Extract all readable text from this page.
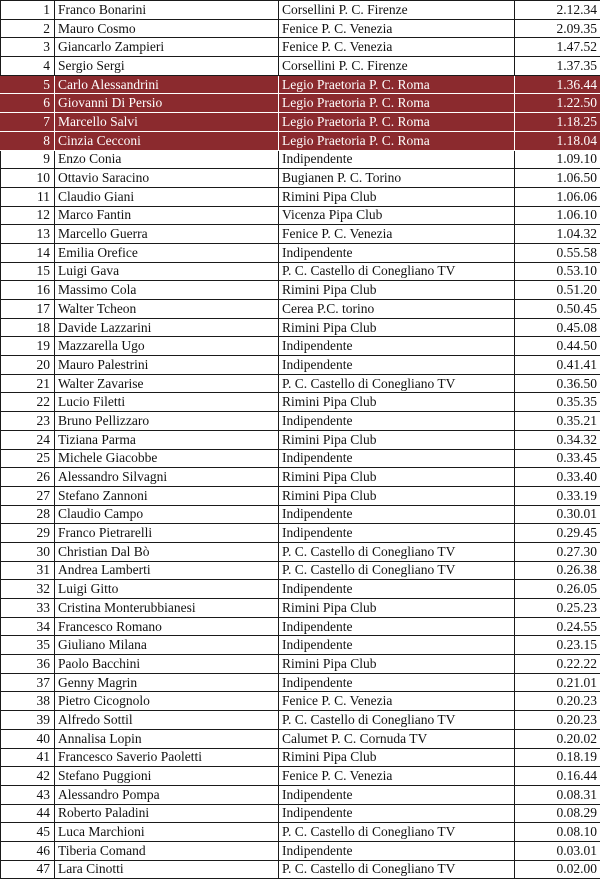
1	Franco Bonarini	Corsellini P. C. Firenze	2.12.34
2	Mauro Cosmo	Fenice P. C. Venezia	2.09.35
3	Giancarlo Zampieri	Fenice P. C. Venezia	1.47.52
4	Sergio Sergi	Corsellini P. C. Firenze	1.37.35
5	Carlo Alessandrini	Legio Praetoria P. C. Roma	1.36.44
6	Giovanni Di Persio	Legio Praetoria P. C. Roma	1.22.50
7	Marcello Salvi	Legio Praetoria P. C. Roma	1.18.25
8	Cinzia Cecconi	Legio Praetoria P. C. Roma	1.18.04
9	Enzo Conia	Indipendente	1.09.10
10	Ottavio Saracino	Bugianen P. C. Torino	1.06.50
11	Claudio Giani	Rimini Pipa Club	1.06.06
12	Marco Fantin	Vicenza Pipa Club	1.06.10
13	Marcello Guerra	Fenice P. C. Venezia	1.04.32
14	Emilia Orefice	Indipendente	0.55.58
15	Luigi Gava	P. C. Castello di Conegliano TV	0.53.10
16	Massimo Cola	Rimini Pipa Club	0.51.20
17	Walter Tcheon	Cerea P.C. torino	0.50.45
18	Davide Lazzarini	Rimini Pipa Club	0.45.08
19	Mazzarella Ugo	Indipendente	0.44.50
20	Mauro Palestrini	Indipendente	0.41.41
21	Walter Zavarise	P. C. Castello di Conegliano TV	0.36.50
22	Lucio Filetti	Rimini Pipa Club	0.35.35
23	Bruno Pellizzaro	Indipendente	0.35.21
24	Tiziana Parma	Rimini Pipa Club	0.34.32
25	Michele Giacobbe	Indipendente	0.33.45
26	Alessandro Silvagni	Rimini Pipa Club	0.33.40
27	Stefano Zannoni	Rimini Pipa Club	0.33.19
28	Claudio Campo	Indipendente	0.30.01
29	Franco Pietrarelli	Indipendente	0.29.45
30	Christian Dal Bò	P. C. Castello di Conegliano TV	0.27.30
31	Andrea Lamberti	P. C. Castello di Conegliano TV	0.26.38
32	Luigi Gitto	Indipendente	0.26.05
33	Cristina Monterubbianesi	Rimini Pipa Club	0.25.23
34	Francesco Romano	Indipendente	0.24.55
35	Giuliano Milana	Indipendente	0.23.15
36	Paolo Bacchini	Rimini Pipa Club	0.22.22
37	Genny Magrin	Indipendente	0.21.01
38	Pietro Cicognolo	Fenice P. C. Venezia	0.20.23
39	Alfredo Sottil	P. C. Castello di Conegliano TV	0.20.23
40	Annalisa Lopin	Calumet P. C. Cornuda TV	0.20.02
41	Francesco Saverio Paoletti	Rimini Pipa Club	0.18.19
42	Stefano Puggioni	Fenice P. C. Venezia	0.16.44
43	Alessandro Pompa	Indipendente	0.08.31
44	Roberto Paladini	Indipendente	0.08.29
45	Luca Marchioni	P. C. Castello di Conegliano TV	0.08.10
46	Tiberia Comand	Indipendente	0.03.01
47	Lara Cinotti	P. C. Castello di Conegliano TV	0.02.00
